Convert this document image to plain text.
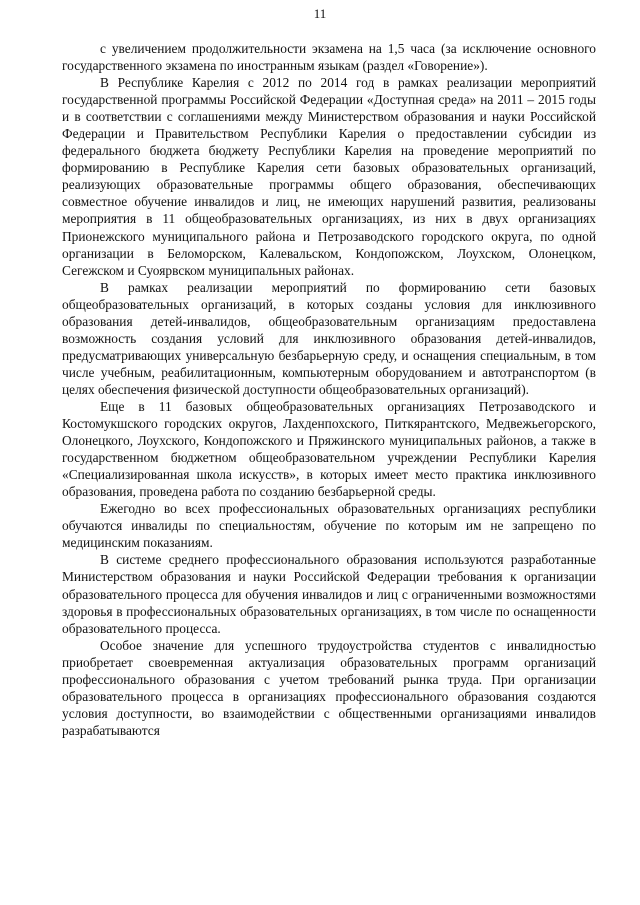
11

с увеличением продолжительности экзамена на 1,5 часа (за исключение основного государственного экзамена по иностранным языкам (раздел «Говорение»).

В Республике Карелия с 2012 по 2014 год в рамках реализации мероприятий государственной программы Российской Федерации «Доступная среда» на 2011 – 2015 годы и в соответствии с соглашениями между Министерством образования и науки Российской Федерации и Правительством Республики Карелия о предоставлении субсидии из федерального бюджета бюджету Республики Карелия на проведение мероприятий по формированию в Республике Карелия сети базовых образовательных организаций, реализующих образовательные программы общего образования, обеспечивающих совместное обучение инвалидов и лиц, не имеющих нарушений развития, реализованы мероприятия в 11 общеобразовательных организациях, из них в двух организациях Прионежского муниципального района и Петрозаводского городского округа, по одной организации в Беломорском, Калевальском, Кондопожском, Лоухском, Олонецком, Сегежском и Суоярвском муниципальных районах.

В рамках реализации мероприятий по формированию сети базовых общеобразовательных организаций, в которых созданы условия для инклюзивного образования детей-инвалидов, общеобразовательным организациям предоставлена возможность создания условий для инклюзивного образования детей-инвалидов, предусматривающих универсальную безбарьерную среду, и оснащения специальным, в том числе учебным, реабилитационным, компьютерным оборудованием и автотранспортом (в целях обеспечения физической доступности общеобразовательных организаций).

Еще в 11 базовых общеобразовательных организациях Петрозаводского и Костомукшского городских округов, Лахденпохского, Питкярантского, Медвежьегорского, Олонецкого, Лоухского, Кондопожского и Пряжинского муниципальных районов, а также в государственном бюджетном общеобразовательном учреждении Республики Карелия «Специализированная школа искусств», в которых имеет место практика инклюзивного образования, проведена работа по созданию безбарьерной среды.

Ежегодно во всех профессиональных образовательных организациях республики обучаются инвалиды по специальностям, обучение по которым им не запрещено по медицинским показаниям.

В системе среднего профессионального образования используются разработанные Министерством образования и науки Российской Федерации требования к организации образовательного процесса для обучения инвалидов и лиц с ограниченными возможностями здоровья в профессиональных образовательных организациях, в том числе по оснащенности образовательного процесса.

Особое значение для успешного трудоустройства студентов с инвалидностью приобретает своевременная актуализация образовательных программ организаций профессионального образования с учетом требований рынка труда. При организации образовательного процесса в организациях профессионального образования создаются условия доступности, во взаимодействии с общественными организациями инвалидов разрабатываются
